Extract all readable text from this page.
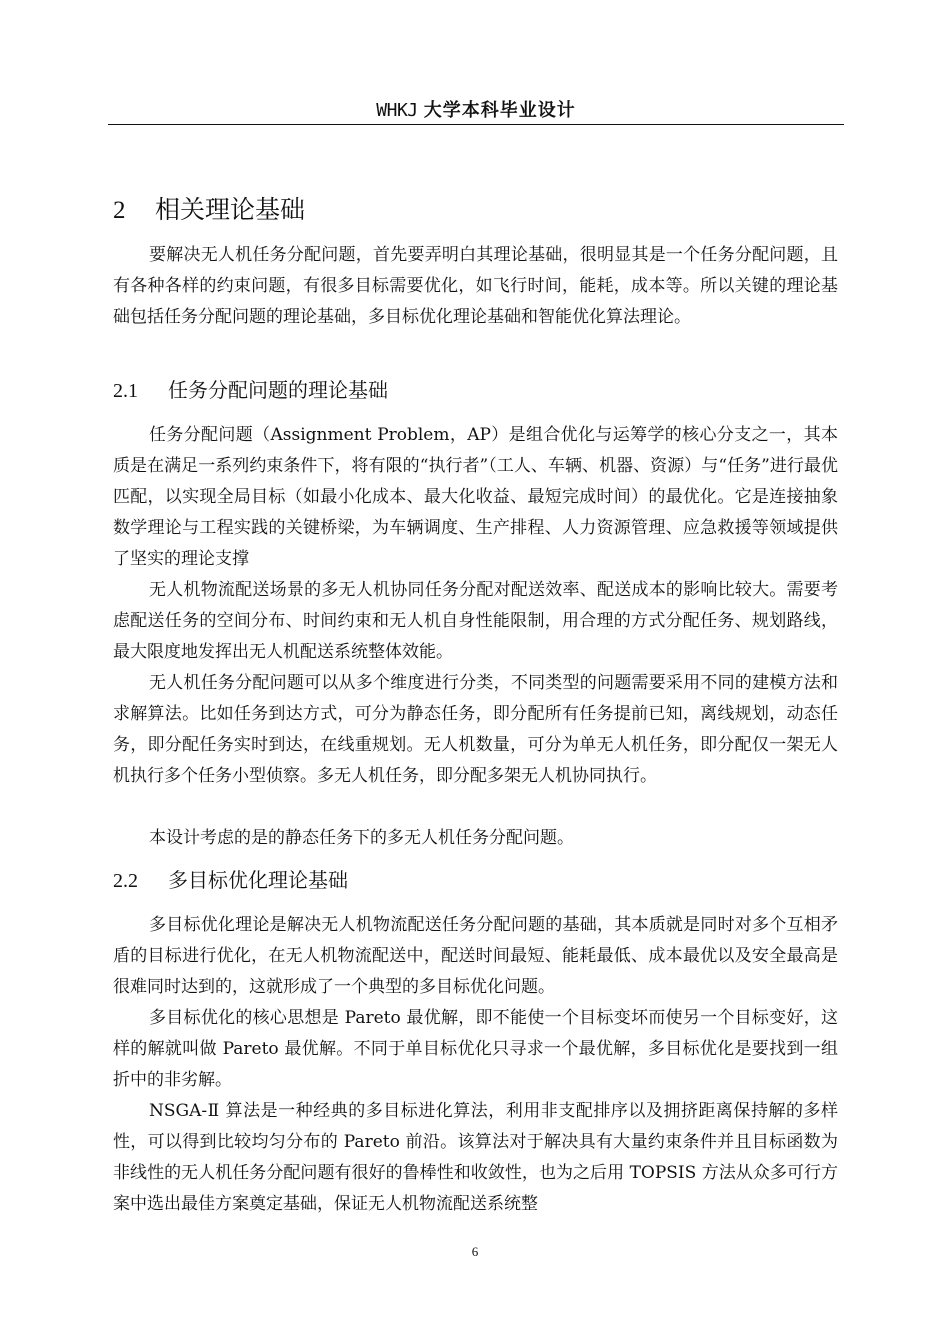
WHKJ 大学本科毕业设计
2 相关理论基础

要解决无人机任务分配问题，首先要弄明白其理论基础，很明显其是一个任务分配问题，且有各种各样的约束问题，有很多目标需要优化，如飞行时间，能耗，成本等。所以关键的理论基础包括任务分配问题的理论基础，多目标优化理论基础和智能优化算法理论。

2.1 任务分配问题的理论基础

任务分配问题（Assignment Problem，AP）是组合优化与运筹学的核心分支之一，其本质是在满足一系列约束条件下，将有限的“执行者”（工人、车辆、机器、资源）与“任务”进行最优匹配，以实现全局目标（如最小化成本、最大化收益、最短完成时间）的最优化。它是连接抽象数学理论与工程实践的关键桥梁，为车辆调度、生产排程、人力资源管理、应急救援等领域提供了坚实的理论支撑

无人机物流配送场景的多无人机协同任务分配对配送效率、配送成本的影响比较大。需要考虑配送任务的空间分布、时间约束和无人机自身性能限制，用合理的方式分配任务、规划路线，最大限度地发挥出无人机配送系统整体效能。

无人机任务分配问题可以从多个维度进行分类，不同类型的问题需要采用不同的建模方法和求解算法。比如任务到达方式，可分为静态任务，即分配所有任务提前已知，离线规划，动态任务，即分配任务实时到达，在线重规划。无人机数量，可分为单无人机任务，即分配仅一架无人机执行多个任务小型侦察。多无人机任务，即分配多架无人机协同执行。

本设计考虑的是的静态任务下的多无人机任务分配问题。

2.2 多目标优化理论基础

多目标优化理论是解决无人机物流配送任务分配问题的基础，其本质就是同时对多个互相矛盾的目标进行优化，在无人机物流配送中，配送时间最短、能耗最低、成本最优以及安全最高是很难同时达到的，这就形成了一个典型的多目标优化问题。

多目标优化的核心思想是 Pareto 最优解，即不能使一个目标变坏而使另一个目标变好，这样的解就叫做 Pareto 最优解。不同于单目标优化只寻求一个最优解，多目标优化是要找到一组折中的非劣解。

NSGA-Ⅱ 算法是一种经典的多目标进化算法，利用非支配排序以及拥挤距离保持解的多样性，可以得到比较均匀分布的 Pareto 前沿。该算法对于解决具有大量约束条件并且目标函数为非线性的无人机任务分配问题有很好的鲁棒性和收敛性，也为之后用 TOPSIS 方法从众多可行方案中选出最佳方案奠定基础，保证无人机物流配送系统整

6
